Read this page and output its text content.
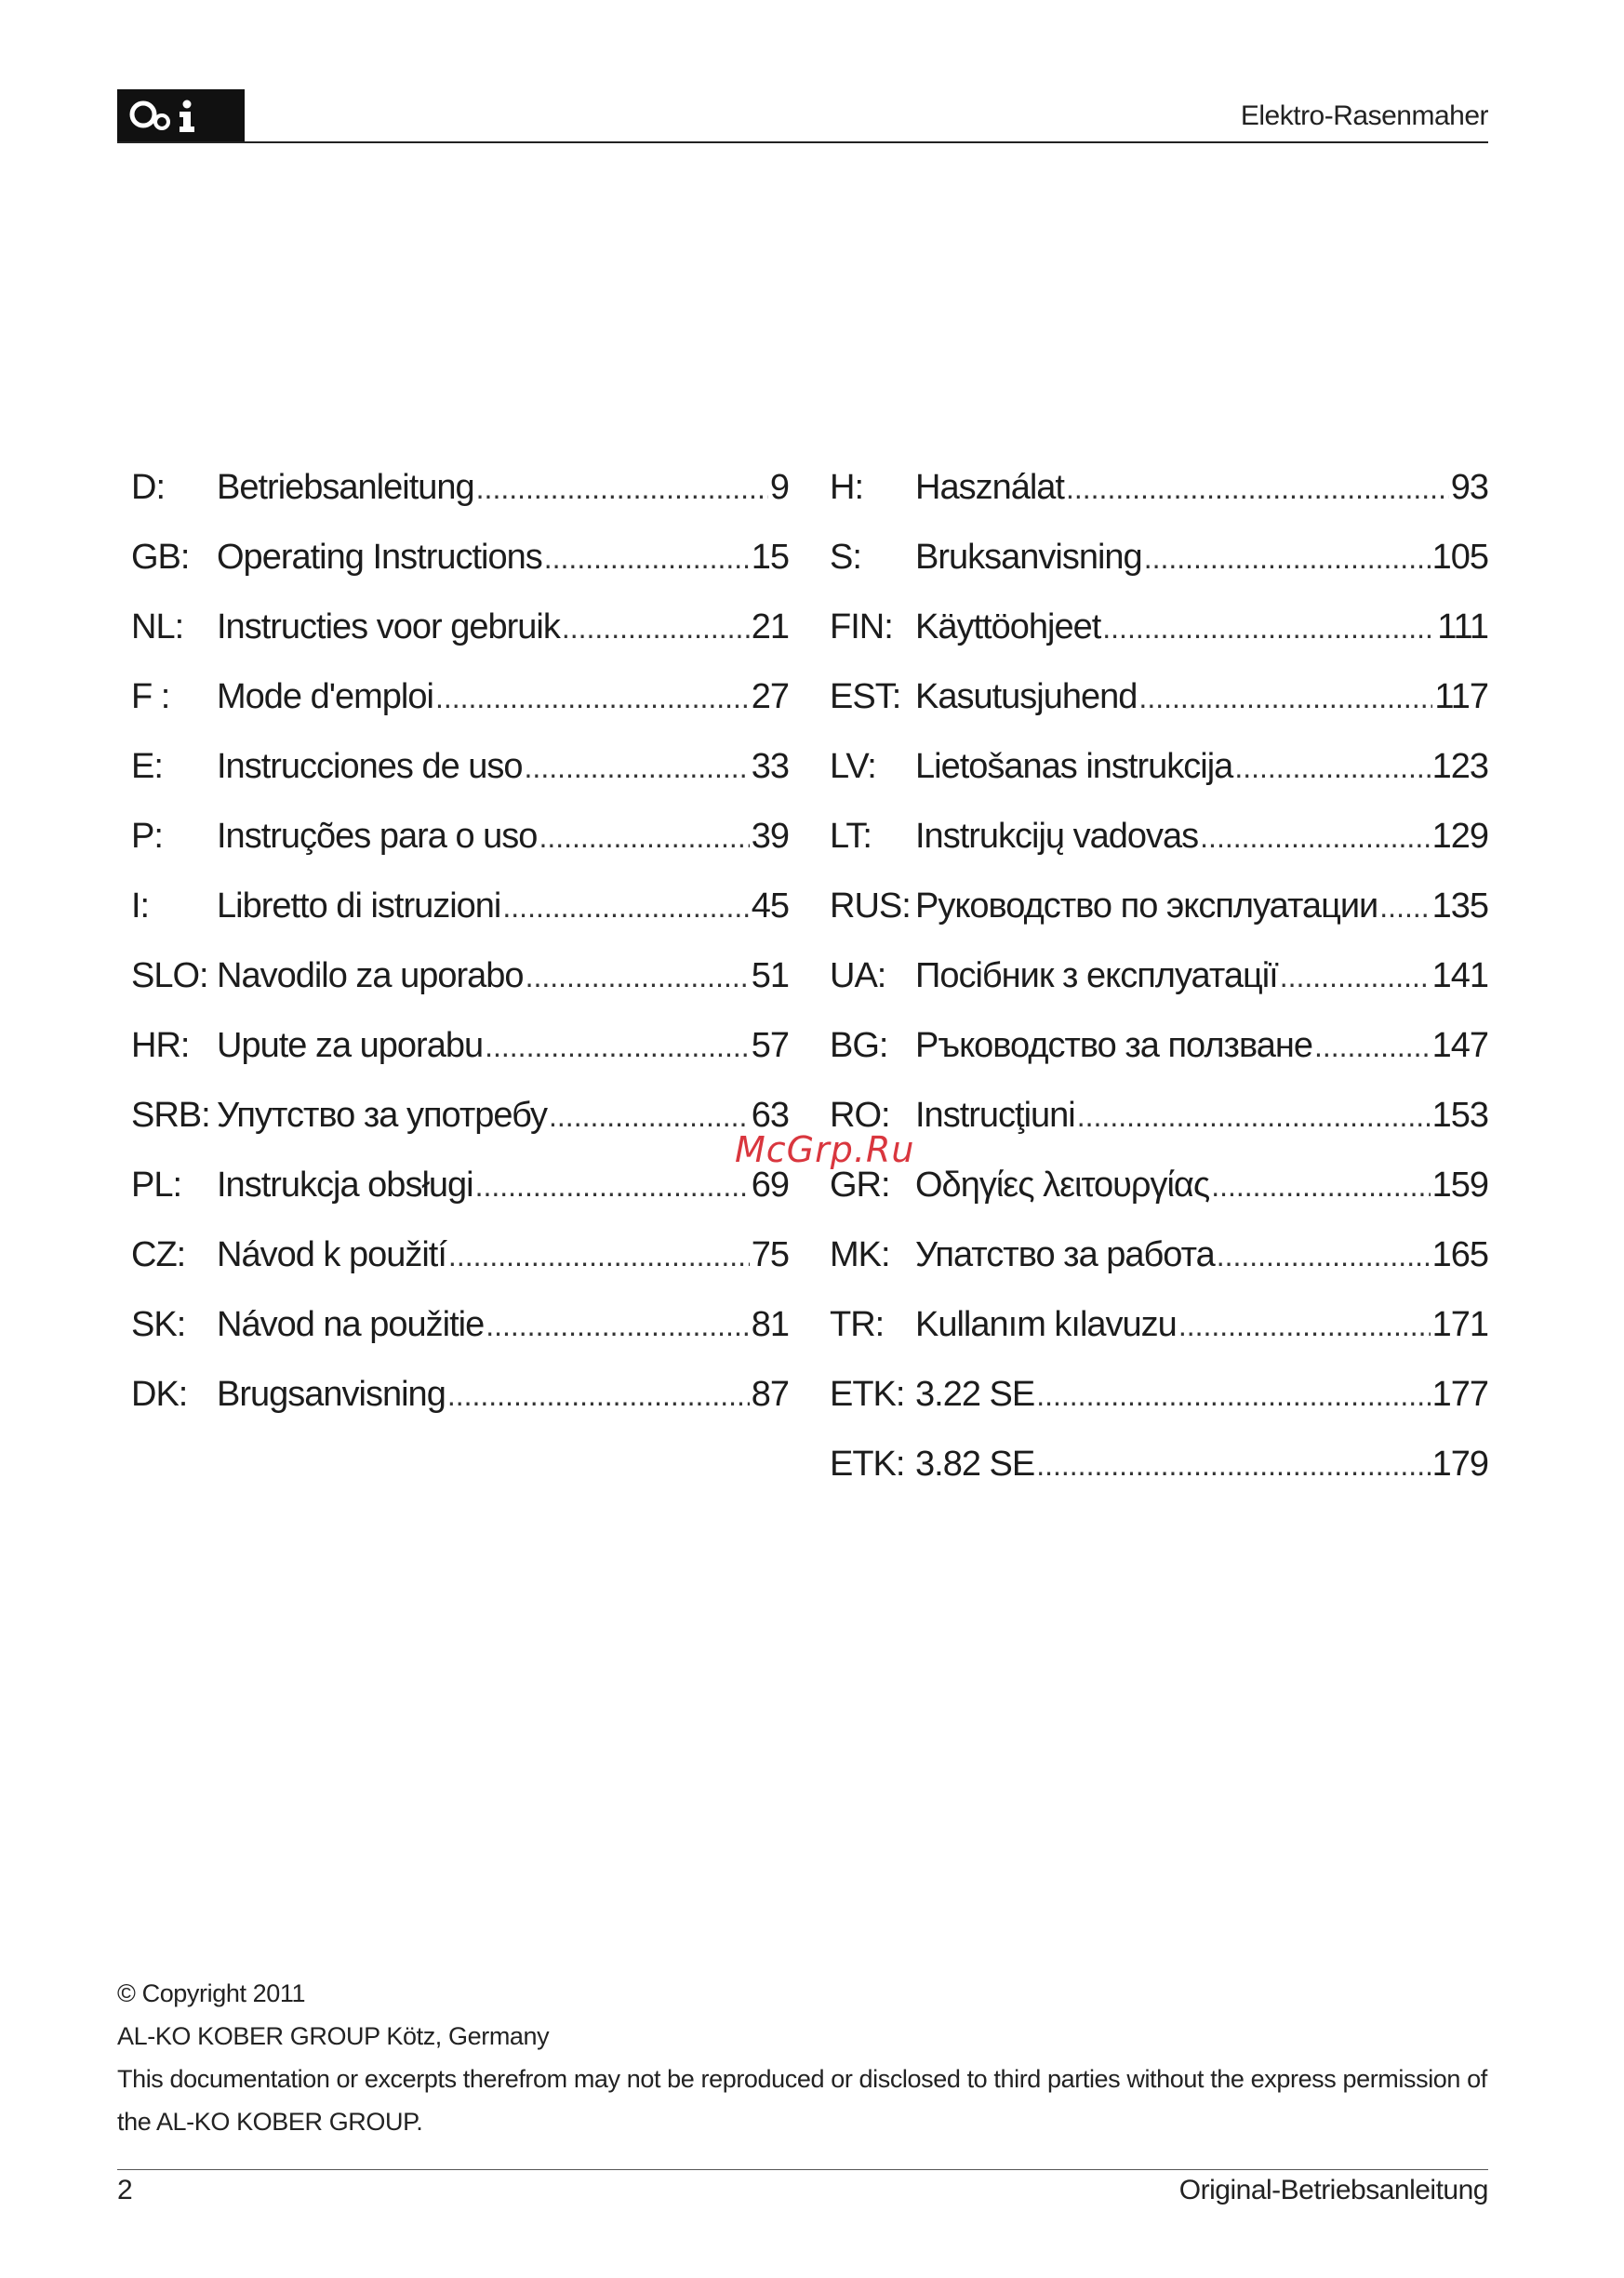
Elektro-Rasenmaher
D:	Betriebsanleitung .....	9
GB: Operating Instructions .....	15
NL: Instructies voor gebruik .....	21
F :	Mode d'emploi .....	27
E:	Instrucciones de uso .....	33
P:	Instruções para o uso .....	39
I:	Libretto di istruzioni .....	45
SLO: Navodilo za uporabo .....	51
HR: Upute za uporabu .....	57
SRB: Упутство за употребу .....	63
PL: Instrukcja obsługi .....	69
CZ: Návod k použití .....	75
SK: Návod na použitie .....	81
DK: Brugsanvisning .....	87
H:	Használat .....	93
S:	Bruksanvisning .....	105
FIN: Käyttöohjeet .....	111
EST: Kasutusjuhend .....	117
LV:	Lietošanas instrukcija .....	123
LT:	Instrukcijų vadovas .....	129
RUS: Руководство по эксплуатации ..... 135
UA: Посібник з експлуатації .....	141
BG: Ръководство за ползване .....	147
RO: Instrucţiuni .....	153
GR: Οδηγίες λειτουργίας .....	159
MK: Упатство за работа .....	165
TR: Kullanım kılavuzu .....	171
ETK: 3.22 SE .....	177
ETK: 3.82 SE .....	179
McGrp.Ru

© Copyright 2011

AL-KO KOBER GROUP Kötz, Germany

This documentation or excerpts therefrom may not be reproduced or disclosed to third parties without the express permission of the AL-KO KOBER GROUP.

2	Original-Betriebsanleitung
